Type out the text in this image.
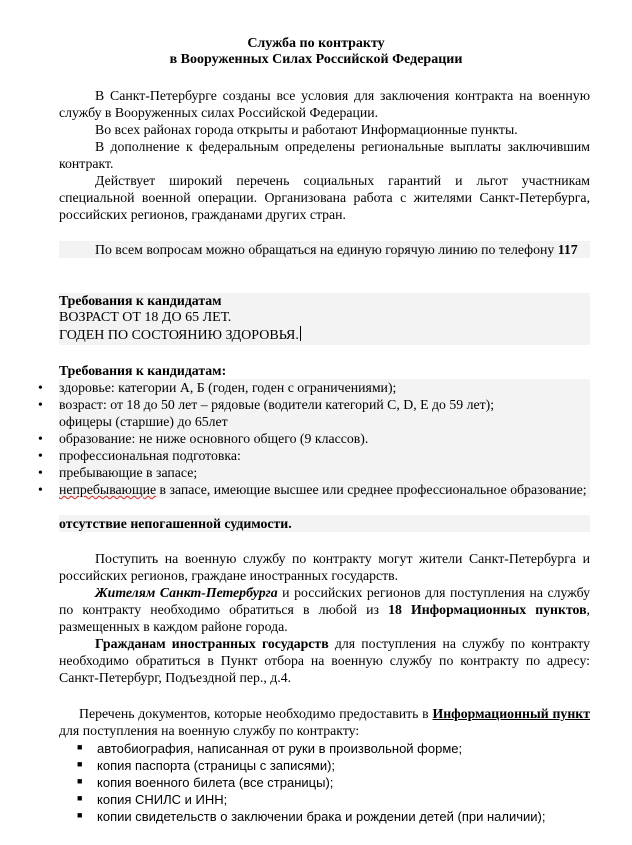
Служба по контракту
в Вооруженных Силах Российской Федерации
В Санкт-Петербурге созданы все условия для заключения контракта на военную службу в Вооруженных силах Российской Федерации.
Во всех районах города открыты и работают Информационные пункты.
В дополнение к федеральным определены региональные выплаты заключившим контракт.
Действует широкий перечень социальных гарантий и льгот участникам специальной военной операции. Организована работа с жителями Санкт-Петербурга, российских регионов, гражданами других стран.
По всем вопросам можно обращаться на единую горячую линию по телефону 117
Требования к кандидатам
ВОЗРАСТ ОТ 18 ДО 65 ЛЕТ.
ГОДЕН ПО СОСТОЯНИЮ ЗДОРОВЬЯ.
Требования к кандидатам:
• здоровье: категории А, Б (годен, годен с ограничениями);
• возраст: от 18 до 50 лет – рядовые (водители категорий C, D, E до 59 лет);
офицеры (старшие) до 65лет
• образование: не ниже основного общего (9 классов).
• профессиональная подготовка:
• пребывающие в запасе;
• непребывающие в запасе, имеющие высшее или среднее профессиональное образование;
отсутствие непогашенной судимости.
Поступить на военную службу по контракту могут жители Санкт-Петербурга и российских регионов, граждане иностранных государств.
Жителям Санкт-Петербурга и российских регионов для поступления на службу по контракту необходимо обратиться в любой из 18 Информационных пунктов, размещенных в каждом районе города.
Гражданам иностранных государств для поступления на службу по контракту необходимо обратиться в Пункт отбора на военную службу по контракту по адресу: Санкт-Петербург, Подъездной пер., д.4.
Перечень документов, которые необходимо предоставить в Информационный пункт для поступления на военную службу по контракту:
■ автобиография, написанная от руки в произвольной форме;
■ копия паспорта (страницы с записями);
■ копия военного билета (все страницы);
■ копия СНИЛС и ИНН;
■ копии свидетельств о заключении брака и рождении детей (при наличии);
